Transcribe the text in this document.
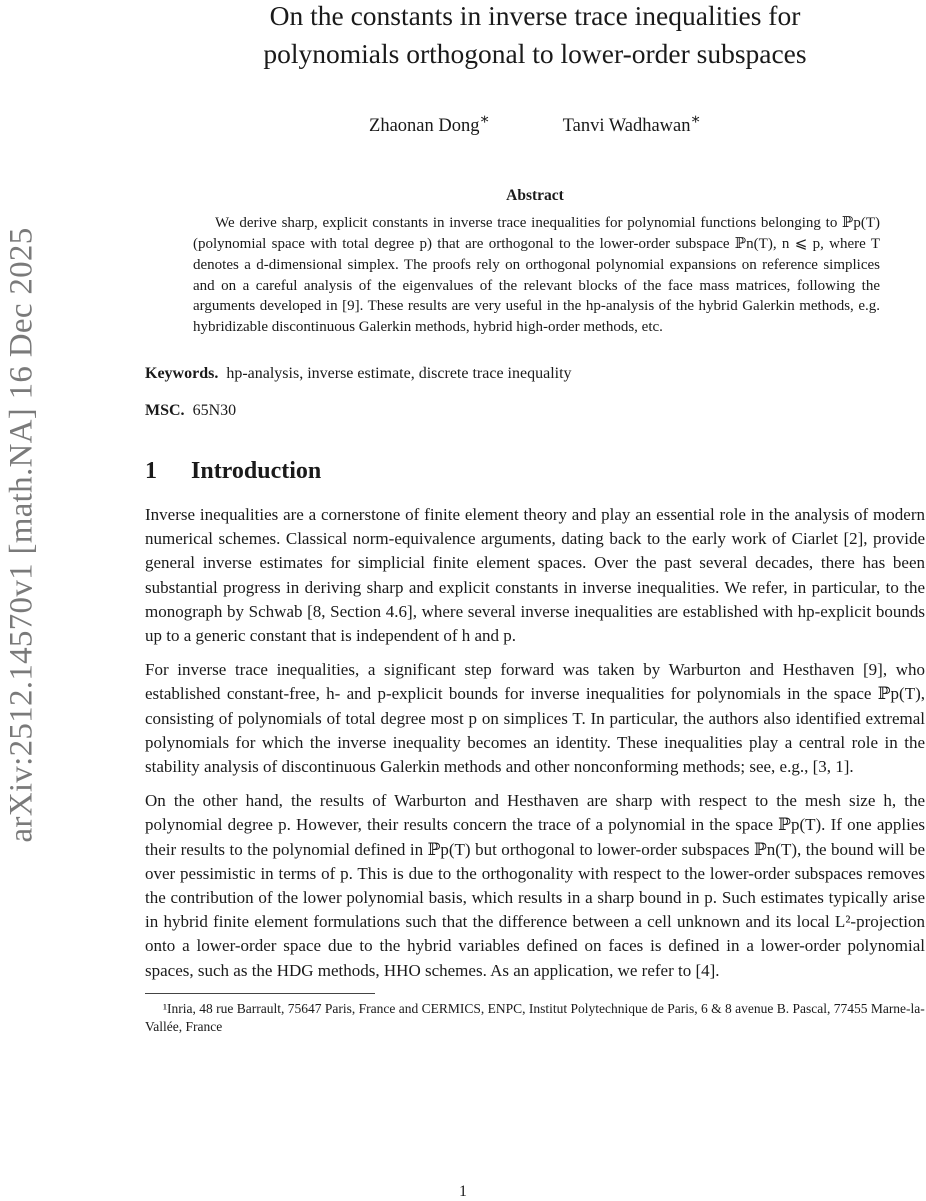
arXiv:2512.14570v1 [math.NA] 16 Dec 2025
On the constants in inverse trace inequalities for
polynomials orthogonal to lower-order subspaces
Zhaonan Dong∗	Tanvi Wadhawan∗
Abstract
We derive sharp, explicit constants in inverse trace inequalities for polynomial functions belonging to ℙp(T) (polynomial space with total degree p) that are orthogonal to the lower-order subspace ℙn(T), n ⩽ p, where T denotes a d-dimensional simplex. The proofs rely on orthogonal polynomial expansions on reference simplices and on a careful analysis of the eigenvalues of the relevant blocks of the face mass matrices, following the arguments developed in [9]. These results are very useful in the hp-analysis of the hybrid Galerkin methods, e.g. hybridizable discontinuous Galerkin methods, hybrid high-order methods, etc.
Keywords. hp-analysis, inverse estimate, discrete trace inequality
MSC. 65N30
1 Introduction

Inverse inequalities are a cornerstone of finite element theory and play an essential role in the analysis of modern numerical schemes. Classical norm-equivalence arguments, dating back to the early work of Ciarlet [2], provide general inverse estimates for simplicial finite element spaces. Over the past several decades, there has been substantial progress in deriving sharp and explicit constants in inverse inequalities. We refer, in particular, to the monograph by Schwab [8, Section 4.6], where several inverse inequalities are established with hp-explicit bounds up to a generic constant that is independent of h and p.

For inverse trace inequalities, a significant step forward was taken by Warburton and Hesthaven [9], who established constant-free, h- and p-explicit bounds for inverse inequalities for polynomials in the space ℙp(T), consisting of polynomials of total degree most p on simplices T. In particular, the authors also identified extremal polynomials for which the inverse inequality becomes an identity. These inequalities play a central role in the stability analysis of discontinuous Galerkin methods and other nonconforming methods; see, e.g., [3, 1].

On the other hand, the results of Warburton and Hesthaven are sharp with respect to the mesh size h, the polynomial degree p. However, their results concern the trace of a polynomial in the space ℙp(T). If one applies their results to the polynomial defined in ℙp(T) but orthogonal to lower-order subspaces ℙn(T), the bound will be over pessimistic in terms of p. This is due to the orthogonality with respect to the lower-order subspaces removes the contribution of the lower polynomial basis, which results in a sharp bound in p. Such estimates typically arise in hybrid finite element formulations such that the difference between a cell unknown and its local L²-projection onto a lower-order space due to the hybrid variables defined on faces is defined in a lower-order polynomial spaces, such as the HDG methods, HHO schemes. As an application, we refer to [4].

¹Inria, 48 rue Barrault, 75647 Paris, France and CERMICS, ENPC, Institut Polytechnique de Paris, 6 & 8 avenue B. Pascal, 77455 Marne-la-Vallée, France
1
